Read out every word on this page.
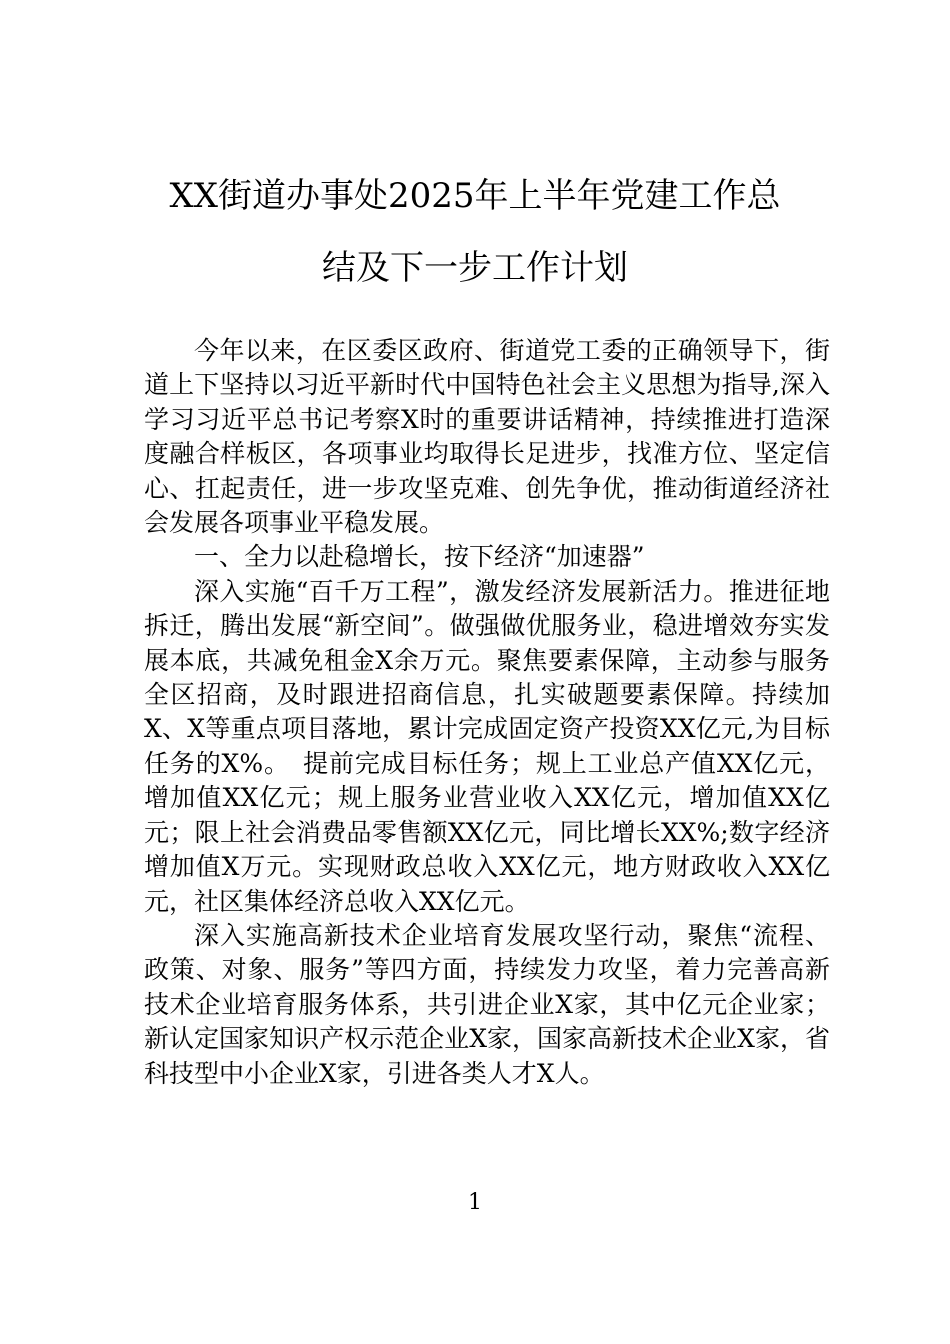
XX街道办事处2025年上半年党建工作总
结及下一步工作计划

今年以来，在区委区政府、街道党工委的正确领导下，街道上下坚持以习近平新时代中国特色社会主义思想为指导,深入学习习近平总书记考察X时的重要讲话精神，持续推进打造深度融合样板区，各项事业均取得长足进步，找准方位、坚定信心、扛起责任，进一步攻坚克难、创先争优，推动街道经济社会发展各项事业平稳发展。

一、全力以赴稳增长，按下经济“加速器”

深入实施“百千万工程”，激发经济发展新活力。推进征地拆迁，腾出发展“新空间”。做强做优服务业，稳进增效夯实发展本底，共减免租金X余万元。聚焦要素保障，主动参与服务全区招商，及时跟进招商信息，扎实破题要素保障。持续加X、X等重点项目落地，累计完成固定资产投资XX亿元,为目标任务的X%。　提前完成目标任务；规上工业总产值XX亿元，增加值XX亿元；规上服务业营业收入XX亿元，增加值XX亿元；限上社会消费品零售额XX亿元，同比增长XX%;数字经济增加值X万元。实现财政总收入XX亿元，地方财政收入XX亿元，社区集体经济总收入XX亿元。

深入实施高新技术企业培育发展攻坚行动，聚焦“流程、政策、对象、服务”等四方面，持续发力攻坚，着力完善高新技术企业培育服务体系，共引进企业X家，其中亿元企业家；新认定国家知识产权示范企业X家，国家高新技术企业X家，省科技型中小企业X家，引进各类人才X人。

1
